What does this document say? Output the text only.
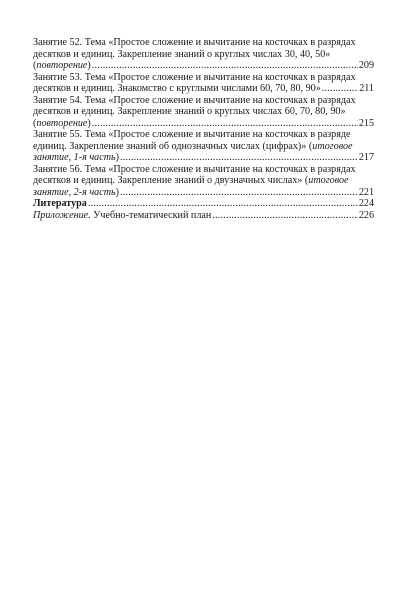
Занятие 52. Тема «Простое сложение и вычитание на косточках в разрядах
десятков и единиц. Закрепление знаний о круглых числах 30, 40, 50»
(повторение) .....	209
Занятие 53. Тема «Простое сложение и вычитание на косточках в разрядах
десятков и единиц. Знакомство с круглыми числами 60, 70, 80, 90» .....	211
Занятие 54. Тема «Простое сложение и вычитание на косточках в разрядах
десятков и единиц. Закрепление знаний о круглых числах 60, 70, 80, 90»
(повторение) .....	215
Занятие 55. Тема «Простое сложение и вычитание на косточках в разряде
единиц. Закрепление знаний об однозначных числах (цифрах)» (итоговое
занятие, 1-я часть) .....	217
Занятие 56. Тема «Простое сложение и вычитание на косточках в разрядах
десятков и единиц. Закрепление знаний о двузначных числах» (итоговое
занятие, 2-я часть) .....	221
Литература .....	224
Приложение. Учебно-тематический план .....	226
